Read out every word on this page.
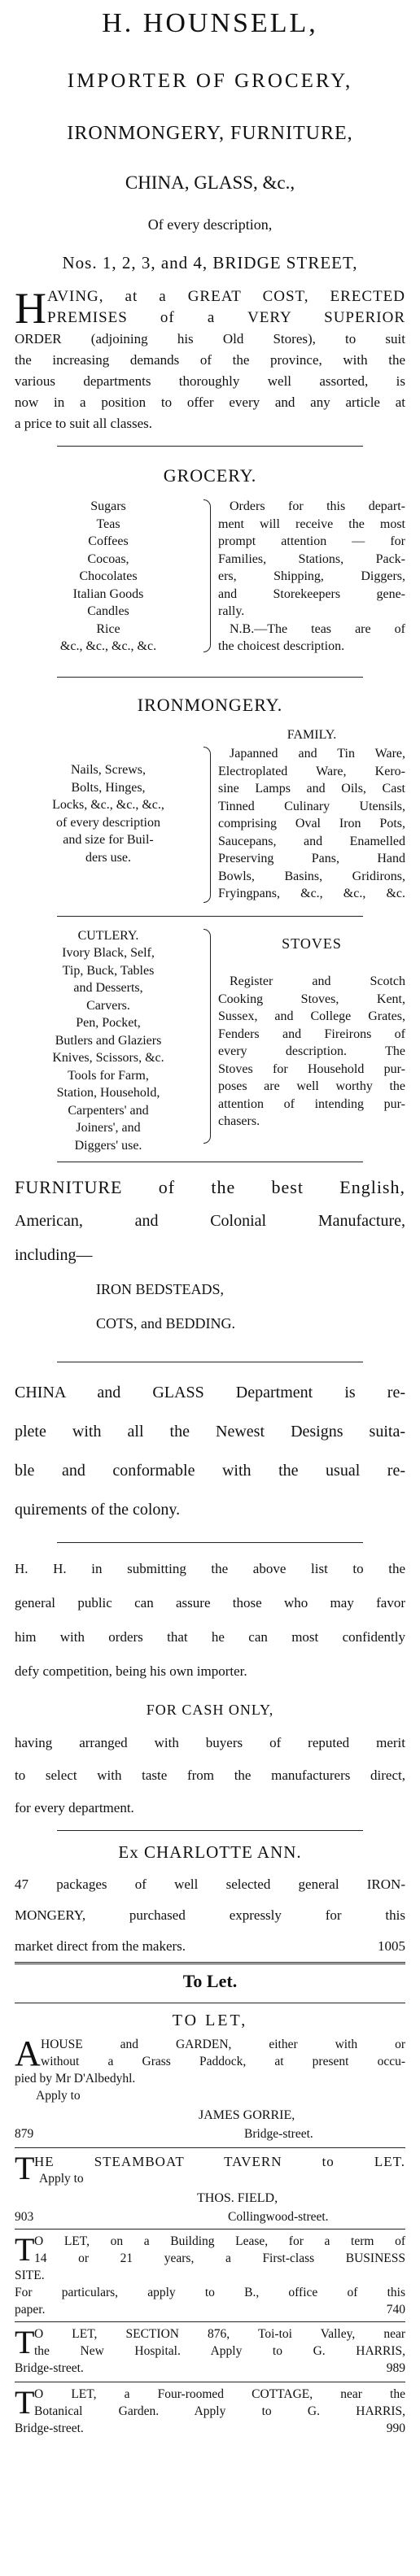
H. HOUNSELL,
IMPORTER OF GROCERY,
IRONMONGERY, FURNITURE,
CHINA, GLASS, &c.,
Of every description,
Nos. 1, 2, 3, and 4, BRIDGE STREET,
H AVING, at a GREAT COST, ERECTED
PREMISES of a VERY SUPERIOR
ORDER (adjoining his Old Stores), to suit
the increasing demands of the province, with the
various departments thoroughly well assorted, is
now in a position to offer every and any article at
a price to suit all classes.
GROCERY.
Sugars
Teas
Coffees
Cocoas,
Chocolates
Italian Goods
Candles
Rice
&c., &c., &c., &c.
Orders for this depart-
ment will receive the most
prompt attention — for
Families, Stations, Pack-
ers, Shipping, Diggers,
and Storekeepers gene-
rally.
N.B.—The teas are of
the choicest description.
IRONMONGERY.
FAMILY.
Nails, Screws,
Bolts, Hinges,
Locks, &c., &c., &c.,
of every description
and size for Buil-
ders use.
Japanned and Tin Ware,
Electroplated Ware, Kero-
sine Lamps and Oils, Cast
Tinned Culinary Utensils,
comprising Oval Iron Pots,
Saucepans, and Enamelled
Preserving Pans, Hand
Bowls, Basins, Gridirons,
Fryingpans, &c., &c., &c.
CUTLERY.
Ivory Black, Self,
Tip, Buck, Tables
and Desserts,
Carvers.
Pen, Pocket,
Butlers and Glaziers
Knives, Scissors, &c.
Tools for Farm,
Station, Household,
Carpenters' and
Joiners', and
Diggers' use.
STOVES
Register and Scotch
Cooking Stoves, Kent,
Sussex, and College Grates,
Fenders and Fireirons of
every description. The
Stoves for Household pur-
poses are well worthy the
attention of intending pur-
chasers.
FURNITURE of the best English,
American, and Colonial Manufacture,
including—
IRON BEDSTEADS,
COTS, and BEDDING.
CHINA and GLASS Department is re-
plete with all the Newest Designs suita-
ble and conformable with the usual re-
quirements of the colony.
H. H. in submitting the above list to the
general public can assure those who may favor
him with orders that he can most confidently
defy competition, being his own importer.
FOR CASH ONLY,
having arranged with buyers of reputed merit
to select with taste from the manufacturers direct,
for every department.
Ex CHARLOTTE ANN.
47 packages of well selected general IRON-
MONGERY, purchased expressly for this
market direct from the makers.	1005
To Let.
TO LET,
A HOUSE and GARDEN, either with or
without a Grass Paddock, at present occu-
pied by Mr D'Albedyhl.
Apply to
JAMES GORRIE,
879	Bridge-street.
T HE STEAMBOAT TAVERN to LET.
Apply to
THOS. FIELD,
903	Collingwood-street.
T O LET, on a Building Lease, for a term of
14 or 21 years, a First-class BUSINESS
SITE.
For particulars, apply to B., office of this
paper.	740
T O LET, SECTION 876, Toi-toi Valley, near
the New Hospital. Apply to G. HARRIS,
Bridge-street.	989
T O LET, a Four-roomed COTTAGE, near the
Botanical Garden. Apply to G. HARRIS,
Bridge-street.	990
